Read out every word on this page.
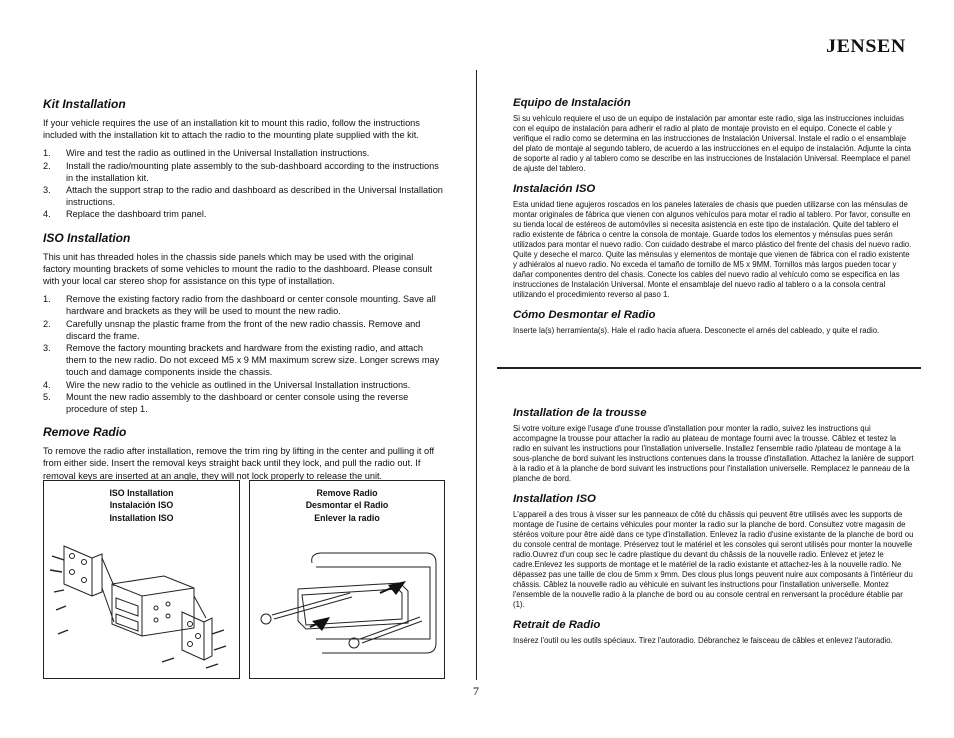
JENSEN
Kit Installation

If your vehicle requires the use of an installation kit to mount this radio, follow the instructions included with the installation kit to attach the radio to the mounting plate supplied with the kit.

1. Wire and test the radio as outlined in the Universal Installation instructions.
2. Install the radio/mounting plate assembly to the sub-dashboard according to the instructions in the installation kit.
3. Attach the support strap to the radio and dashboard as described in the Universal Installation instructions.
4. Replace the dashboard trim panel.
ISO Installation

This unit has threaded holes in the chassis side panels which may be used with the original factory mounting brackets of some vehicles to mount the radio to the dashboard. Please consult with your local car stereo shop for assistance on this type of installation.

1. Remove the existing factory radio from the dashboard or center console mounting. Save all hardware and brackets as they will be used to mount the new radio.
2. Carefully unsnap the plastic frame from the front of the new radio chassis. Remove and discard the frame.
3. Remove the factory mounting brackets and hardware from the existing radio, and attach them to the new radio. Do not exceed M5 x 9 MM maximum screw size. Longer screws may touch and damage components inside the chassis.
4. Wire the new radio to the vehicle as outlined in the Universal Installation instructions.
5. Mount the new radio assembly to the dashboard or center console using the reverse procedure of step 1.
Remove Radio

To remove the radio after installation, remove the trim ring by lifting in the center and pulling it off from either side. Insert the removal keys straight back until they lock, and pull the radio out. If removal keys are inserted at an angle, they will not lock properly to release the unit.

ISO Installation
Instalación ISO
Installation ISO
Remove Radio
Desmontar el Radio
Enlever la radio
Equipo de Instalación

Si su vehículo requiere el uso de un equipo de instalación par amontar este radio, siga las instrucciones incluidas con el equipo de instalación para adherir el radio al plato de montaje provisto en el equipo. Conecte el cable y verifique el radio como se determina en las instrucciones de Instalación Universal. Instale el radio o el ensamblaje del plato de montaje al segundo tablero, de acuerdo a las instrucciones en el equipo de instalación. Adjunte la cinta de soporte al radio y al tablero como se describe en las instrucciones de Instalación Universal. Reemplace el panel de ajuste del tablero.

Instalación ISO

Esta unidad tiene agujeros roscados en los paneles laterales de chasis que pueden utilizarse con las ménsulas de montar originales de fábrica que vienen con algunos vehículos para motar el radio al tablero. Por favor, consulte en su tienda local de estéreos de automóviles si necesita asistencia en este tipo de instalación. Quite del tablero el radio existente de fábrica o centre la consola de montaje. Guarde todos los elementos y ménsulas pues serán utilizados para montar el nuevo radio. Con cuidado destrabe el marco plástico del frente del chasis del nuevo radio. Quite y deseche el marco. Quite las ménsulas y elementos de montaje que vienen de fábrica con el radio existente y adhiéralos al nuevo radio. No exceda el tamaño de tornillo de M5 x 9MM. Tornillos más largos pueden tocar y dañar componentes dentro del chasis. Conecte los cables del nuevo radio al vehículo como se especifica en las instrucciones de Instalación Universal. Monte el ensamblaje del nuevo radio al tablero o a la consola central utilizando el procedimiento reverso al paso 1.

Cómo Desmontar el Radio

Inserte la(s) herramienta(s). Hale el radio hacia afuera. Desconecte el arnés del cableado, y quite el radio.

Installation de la trousse

Si votre voiture exige l'usage d'une trousse d'installation pour monter la radio, suivez les instructions qui accompagne la trousse pour attacher la radio au plateau de montage fourni avec la trousse. Câblez et testez la radio en suivant les instructions pour l'installation universelle. Installez l'ensemble radio /plateau de montage à la sous-planche de bord suivant les instructions contenues dans la trousse d'installation. Attachez la lanière de support à la radio et à la planche de bord suivant les instructions pour l'installation universelle. Remplacez le panneau de la planche de bord.

Installation ISO

L'appareil a des trous à visser sur les panneaux de côté du châssis qui peuvent être utilisés avec les supports de montage de l'usine de certains véhicules pour monter la radio sur la planche de bord. Consultez votre magasin de stéréos voiture pour être aidé dans ce type d'installation. Enlevez la radio d'usine existante de la planche de bord ou du console central de montage. Préservez tout le matériel et les consoles qui seront utilisés pour monter la nouvelle radio.Ouvrez d'un coup sec le cadre plastique du devant du châssis de la nouvelle radio. Enlevez et jetez le cadre.Enlevez les supports de montage et le matériel de la radio existante et attachez-les à la nouvelle radio. Ne dépassez pas une taille de clou de 5mm x 9mm. Des clous plus longs peuvent nuire aux composants à l'intérieur du châssis. Câblez la nouvelle radio au véhicule en suivant les instructions pour l'installation universelle. Montez l'ensemble de la nouvelle radio à la planche de bord ou au console central en renversant la procédure établie par (1).

Retrait de Radio

Insérez l'outil ou les outils spéciaux. Tirez l'autoradio. Débranchez le faisceau de câbles et enlevez l'autoradio.

7
